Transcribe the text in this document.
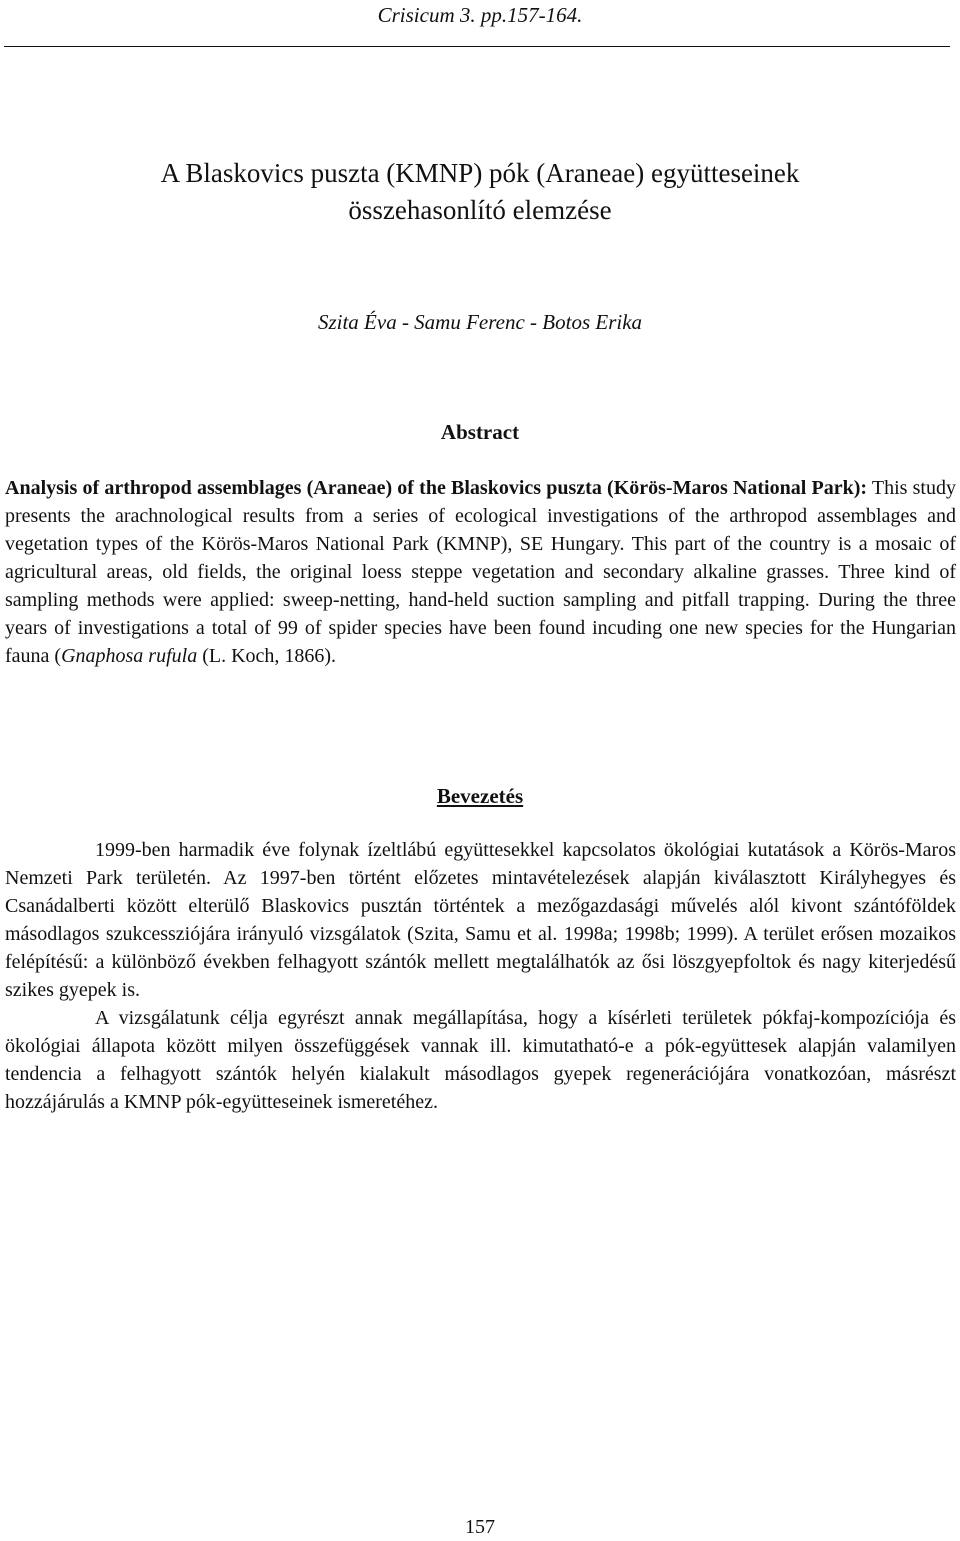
Crisicum 3. pp.157-164.
A Blaskovics puszta (KMNP) pók (Araneae) együtteseinek
összehasonlító elemzése
Szita Éva - Samu Ferenc - Botos Erika
Abstract
Analysis of arthropod assemblages (Araneae) of the Blaskovics puszta (Körös-Maros National Park): This study presents the arachnological results from a series of ecological investigations of the arthropod assemblages and vegetation types of the Körös-Maros National Park (KMNP), SE Hungary. This part of the country is a mosaic of agricultural areas, old fields, the original loess steppe vegetation and secondary alkaline grasses. Three kind of sampling methods were applied: sweep-netting, hand-held suction sampling and pitfall trapping. During the three years of investigations a total of 99 of spider species have been found incuding one new species for the Hungarian fauna (Gnaphosa rufula (L. Koch, 1866).
Bevezetés

1999-ben harmadik éve folynak ízeltlábú együttesekkel kapcsolatos ökológiai kutatások a Körös-Maros Nemzeti Park területén. Az 1997-ben történt előzetes mintavételezések alapján kiválasztott Királyhegyes és Csanádalberti között elterülő Blaskovics pusztán történtek a mezőgazdasági művelés alól kivont szántóföldek másodlagos szukcessziójára irányuló vizsgálatok (Szita, Samu et al. 1998a; 1998b; 1999). A terület erősen mozaikos felépítésű: a különböző években felhagyott szántók mellett megtalálhatók az ősi löszgyepfoltok és nagy kiterjedésű szikes gyepek is.

A vizsgálatunk célja egyrészt annak megállapítása, hogy a kísérleti területek pókfaj-kompozíciója és ökológiai állapota között milyen összefüggések vannak ill. kimutatható-e a pók-együttesek alapján valamilyen tendencia a felhagyott szántók helyén kialakult másodlagos gyepek regenerációjára vonatkozóan, másrészt hozzájárulás a KMNP pók-együtteseinek ismeretéhez.

157
